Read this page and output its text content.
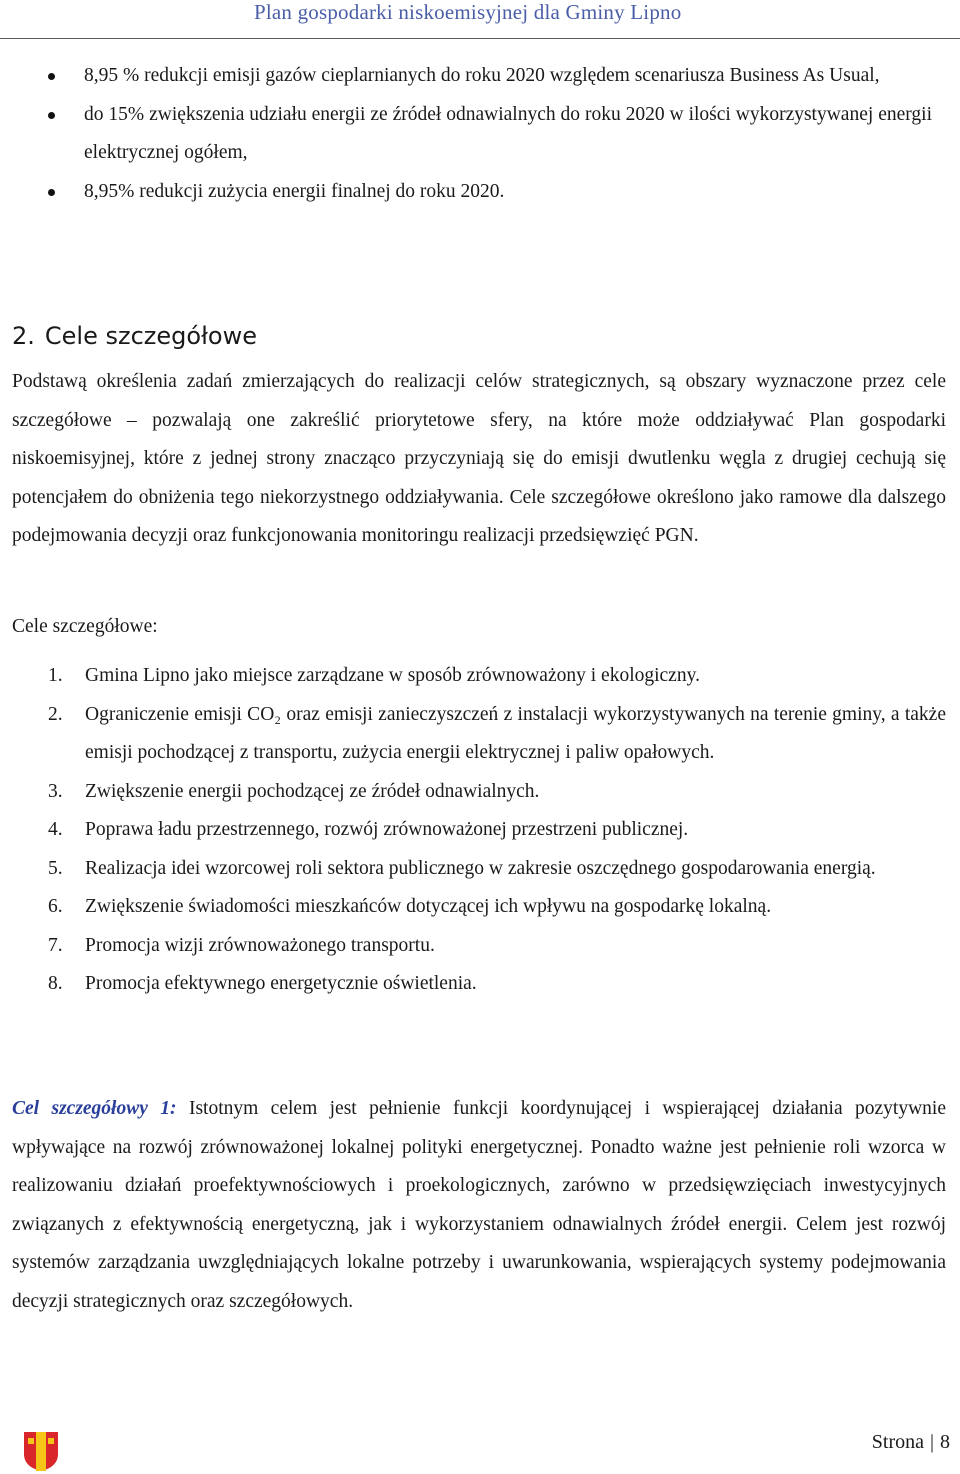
Plan gospodarki niskoemisyjnej dla Gminy Lipno
8,95 % redukcji emisji gazów cieplarnianych do roku 2020 względem scenariusza Business As Usual,
do 15% zwiększenia udziału energii ze źródeł odnawialnych do roku 2020 w ilości wykorzystywanej energii elektrycznej ogółem,
8,95% redukcji zużycia energii finalnej do roku 2020.
2. Cele szczegółowe

Podstawą określenia zadań zmierzających do realizacji celów strategicznych, są obszary wyznaczone przez cele szczegółowe – pozwalają one zakreślić priorytetowe sfery, na które może oddziaływać Plan gospodarki niskoemisyjnej, które z jednej strony znacząco przyczyniają się do emisji dwutlenku węgla z drugiej cechują się potencjałem do obniżenia tego niekorzystnego oddziaływania. Cele szczegółowe określono jako ramowe dla dalszego podejmowania decyzji oraz funkcjonowania monitoringu realizacji przedsięwzięć PGN.

Cele szczegółowe:

1. Gmina Lipno jako miejsce zarządzane w sposób zrównoważony i ekologiczny.
2. Ograniczenie emisji CO₂ oraz emisji zanieczyszczeń z instalacji wykorzystywanych na terenie gminy, a także emisji pochodzącej z transportu, zużycia energii elektrycznej i paliw opałowych.
3. Zwiększenie energii pochodzącej ze źródeł odnawialnych.
4. Poprawa ładu przestrzennego, rozwój zrównoważonej przestrzeni publicznej.
5. Realizacja idei wzorcowej roli sektora publicznego w zakresie oszczędnego gospodarowania energią.
6. Zwiększenie świadomości mieszkańców dotyczącej ich wpływu na gospodarkę lokalną.
7. Promocja wizji zrównoważonego transportu.
8. Promocja efektywnego energetycznie oświetlenia.

Cel szczegółowy 1: Istotnym celem jest pełnienie funkcji koordynującej i wspierającej działania pozytywnie wpływające na rozwój zrównoważonej lokalnej polityki energetycznej. Ponadto ważne jest pełnienie roli wzorca w realizowaniu działań proefektywnościowych i proekologicznych, zarówno w przedsięwzięciach inwestycyjnych związanych z efektywnością energetyczną, jak i wykorzystaniem odnawialnych źródeł energii. Celem jest rozwój systemów zarządzania uwzględniających lokalne potrzeby i uwarunkowania, wspierających systemy podejmowania decyzji strategicznych oraz szczegółowych.

Strona | 8
